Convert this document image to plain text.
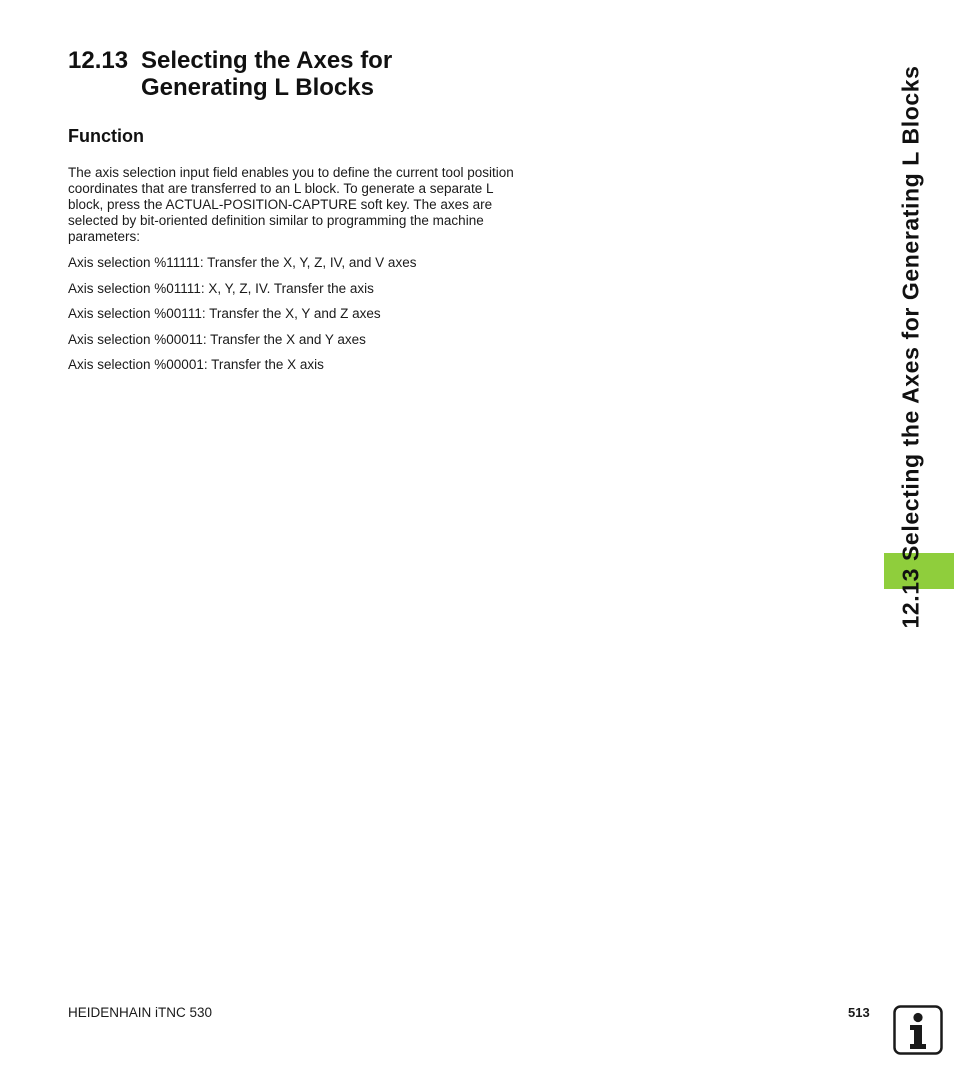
12.13 Selecting the Axes for
Generating L Blocks
Function

The axis selection input field enables you to define the current tool position coordinates that are transferred to an L block. To generate a separate L block, press the ACTUAL-POSITION-CAPTURE soft key. The axes are selected by bit-oriented definition similar to programming the machine parameters:

Axis selection %11111: Transfer the X, Y, Z, IV, and V axes
Axis selection %01111: X, Y, Z, IV. Transfer the axis
Axis selection %00111: Transfer the X, Y and Z axes
Axis selection %00011: Transfer the X and Y axes
Axis selection %00001: Transfer the X axis	12.13 Selecting the Axes for Generating L Blocks
HEIDENHAIN iTNC 530	513
